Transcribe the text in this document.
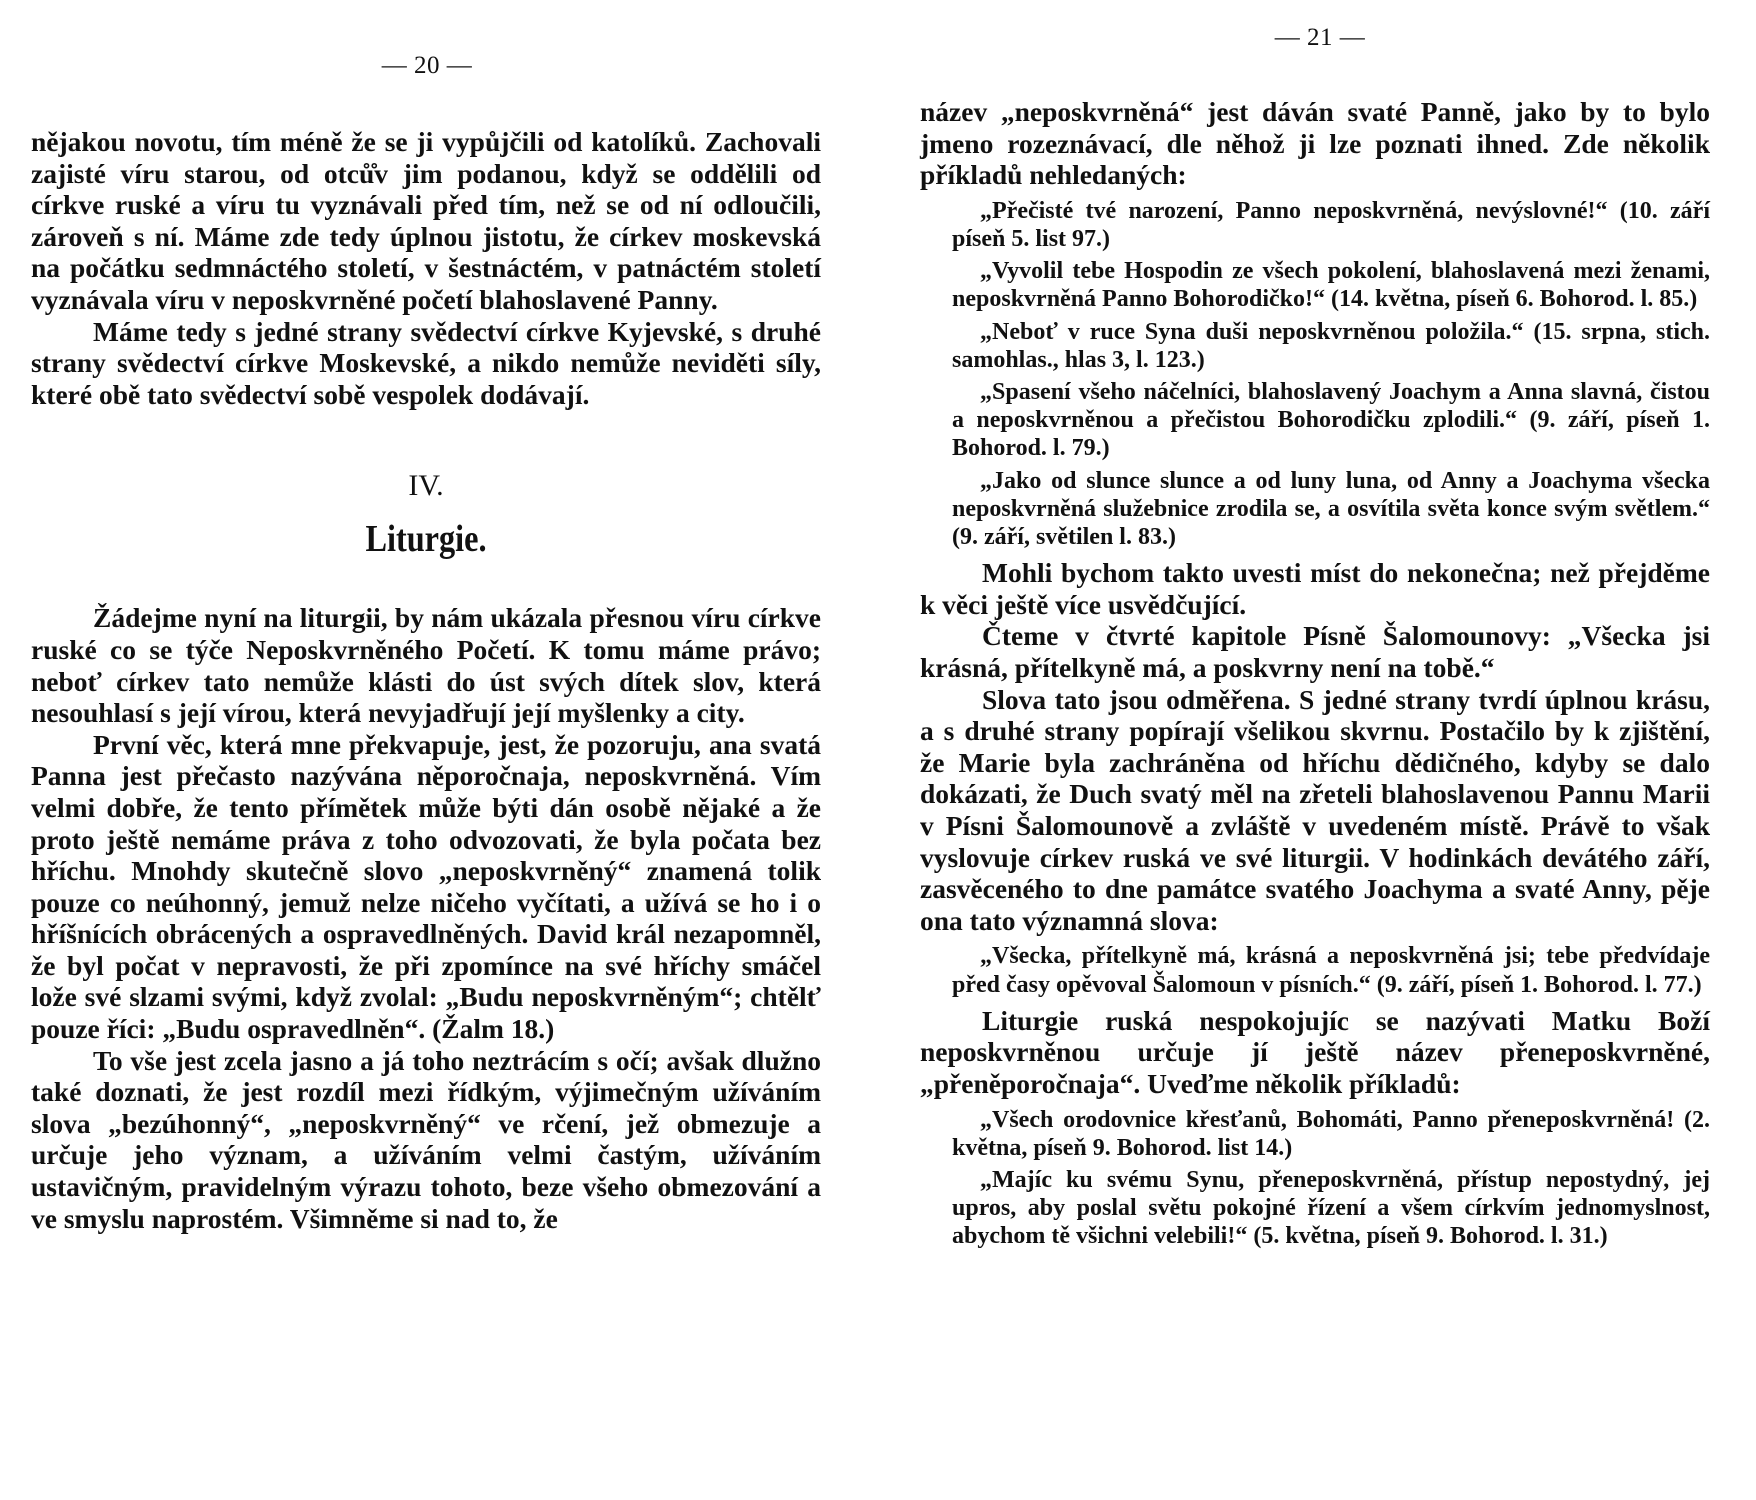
— 20 —

nějakou novotu, tím méně že se ji vypůjčili od katolíků. Zachovali zajisté víru starou, od otců̊v jim podanou, když se oddělili od církve ruské a víru tu vyznávali před tím, než se od ní odloučili, zároveň s ní. Máme zde tedy úplnou jistotu, že církev moskevská na počátku sedmnáctého století, v šestnáctém, v patnáctém století vyznávala víru v neposkvrněné početí blahoslavené Panny.

Máme tedy s jedné strany svědectví církve Kyjevské, s druhé strany svědectví církve Moskevské, a nikdo nemůže neviděti síly, které obě tato svědectví sobě vespolek dodávají.

IV.
Liturgie.

Žádejme nyní na liturgii, by nám ukázala přesnou víru církve ruské co se týče Neposkvrněného Početí. K tomu máme právo; neboť církev tato nemůže klásti do úst svých dítek slov, která nesouhlasí s její vírou, která nevyjadřují její myšlenky a city.

První věc, která mne překvapuje, jest, že pozoruju, ana svatá Panna jest přečasto nazývána něporočnaja, neposkvrněná. Vím velmi dobře, že tento přímětek může býti dán osobě nějaké a že proto ještě nemáme práva z toho odvozovati, že byla počata bez hříchu. Mnohdy skutečně slovo „neposkvrněný“ znamená tolik pouze co neúhonný, jemuž nelze ničeho vyčítati, a užívá se ho i o hříšnících obrácených a ospravedlněných. David král nezapomněl, že byl počat v nepravosti, že při zpomínce na své hříchy smáčel lože své slzami svými, když zvolal: „Budu neposkvrněným“; chtělť pouze říci: „Budu ospravedlněn“. (Žalm 18.)

To vše jest zcela jasno a já toho neztrácím s očí; avšak dlužno také doznati, že jest rozdíl mezi řídkým, výjimečným užíváním slova „bezúhonný“, „neposkvrněný“ ve rčení, jež obmezuje a určuje jeho význam, a užíváním velmi častým, užíváním ustavičným, pravidelným výrazu tohoto, beze všeho obmezování a ve smyslu naprostém. Všimněme si nad to, že

— 21 —

název „neposkvrněná“ jest dáván svaté Panně, jako by to bylo jmeno rozeznávací, dle něhož ji lze poznati ihned. Zde několik příkladů nehledaných:

„Přečisté tvé narození, Panno neposkvrněná, nevýslovné!“ (10. září píseň 5. list 97.)

„Vyvolil tebe Hospodin ze všech pokolení, blahoslavená mezi ženami, neposkvrněná Panno Bohorodičko!“ (14. května, píseň 6. Bohorod. l. 85.)

„Neboť v ruce Syna duši neposkvrněnou položila.“ (15. srpna, stich. samohlas., hlas 3, l. 123.)

„Spasení všeho náčelníci, blahoslavený Joachym a Anna slavná, čistou a neposkvrněnou a přečistou Bohorodičku zplodili.“ (9. září, píseň 1. Bohorod. l. 79.)

„Jako od slunce slunce a od luny luna, od Anny a Joachyma všecka neposkvrněná služebnice zrodila se, a osvítila světa konce svým světlem.“ (9. září, světilen l. 83.)

Mohli bychom takto uvesti míst do nekonečna; než přejděme k věci ještě více usvědčující.

Čteme v čtvrté kapitole Písně Šalomounovy: „Všecka jsi krásná, přítelkyně má, a poskvrny není na tobě.“

Slova tato jsou odměřena. S jedné strany tvrdí úplnou krásu, a s druhé strany popírají všelikou skvrnu. Postačilo by k zjištění, že Marie byla zachráněna od hříchu dědičného, kdyby se dalo dokázati, že Duch svatý měl na zřeteli blahoslavenou Pannu Marii v Písni Šalomounově a zvláště v uvedeném místě. Právě to však vyslovuje církev ruská ve své liturgii. V hodinkách devátého září, zasvěceného to dne památce svatého Joachyma a svaté Anny, pěje ona tato významná slova:

„Všecka, přítelkyně má, krásná a neposkvrněná jsi; tebe předvídaje před časy opěvoval Šalomoun v písních.“ (9. září, píseň 1. Bohorod. l. 77.)

Liturgie ruská nespokojujíc se nazývati Matku Boží neposkvrněnou určuje jí ještě název přeneposkvrněné, „přeněporočnaja“. Uveďme několik příkladů:

„Všech orodovnice křesťanů, Bohomáti, Panno přeneposkvrněná! (2. května, píseň 9. Bohorod. list 14.)

„Majíc ku svému Synu, přeneposkvrněná, přístup nepostydný, jej upros, aby poslal světu pokojné řízení a všem církvím jednomyslnost, abychom tě všichni velebili!“ (5. května, píseň 9. Bohorod. l. 31.)
